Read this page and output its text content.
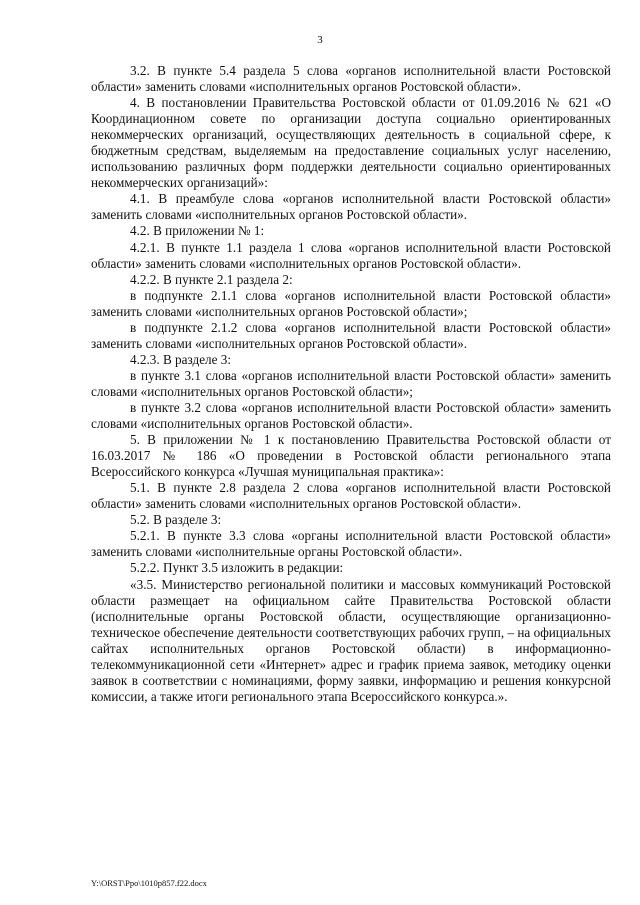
3

3.2. В пункте 5.4 раздела 5 слова «органов исполнительной власти Ростовской области» заменить словами «исполнительных органов Ростовской области».

4. В постановлении Правительства Ростовской области от 01.09.2016 № 621 «О Координационном совете по организации доступа социально ориентированных некоммерческих организаций, осуществляющих деятельность в социальной сфере, к бюджетным средствам, выделяемым на предоставление социальных услуг населению, использованию различных форм поддержки деятельности социально ориентированных некоммерческих организаций»:

4.1. В преамбуле слова «органов исполнительной власти Ростовской области» заменить словами «исполнительных органов Ростовской области».

4.2. В приложении № 1:

4.2.1. В пункте 1.1 раздела 1 слова «органов исполнительной власти Ростовской области» заменить словами «исполнительных органов Ростовской области».

4.2.2. В пункте 2.1 раздела 2:

в подпункте 2.1.1 слова «органов исполнительной власти Ростовской области» заменить словами «исполнительных органов Ростовской области»;

в подпункте 2.1.2 слова «органов исполнительной власти Ростовской области» заменить словами «исполнительных органов Ростовской области».

4.2.3. В разделе 3:

в пункте 3.1 слова «органов исполнительной власти Ростовской области» заменить словами «исполнительных органов Ростовской области»;

в пункте 3.2 слова «органов исполнительной власти Ростовской области» заменить словами «исполнительных органов Ростовской области».

5. В приложении № 1 к постановлению Правительства Ростовской области от 16.03.2017 № 186 «О проведении в Ростовской области регионального этапа Всероссийского конкурса «Лучшая муниципальная практика»:

5.1. В пункте 2.8 раздела 2 слова «органов исполнительной власти Ростовской области» заменить словами «исполнительных органов Ростовской области».

5.2. В разделе 3:

5.2.1. В пункте 3.3 слова «органы исполнительной власти Ростовской области» заменить словами «исполнительные органы Ростовской области».

5.2.2. Пункт 3.5 изложить в редакции:

«3.5. Министерство региональной политики и массовых коммуникаций Ростовской области размещает на официальном сайте Правительства Ростовской области (исполнительные органы Ростовской области, осуществляющие организационно-техническое обеспечение деятельности соответствующих рабочих групп, – на официальных сайтах исполнительных органов Ростовской области) в информационно-телекоммуникационной сети «Интернет» адрес и график приема заявок, методику оценки заявок в соответствии с номинациями, форму заявки, информацию и решения конкурсной комиссии, а также итоги регионального этапа Всероссийского конкурса.».

Y:\ORST\Ppo\1010p857.f22.docx
